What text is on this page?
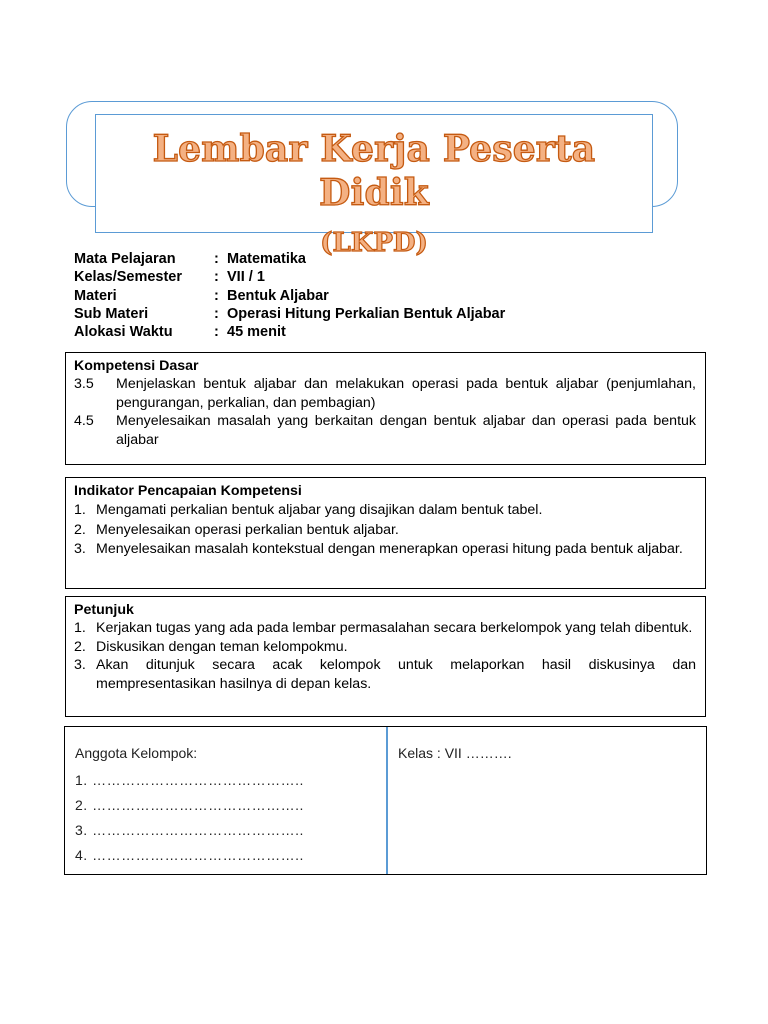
Lembar Kerja Peserta Didik
(LKPD)
Mata Pelajaran	: Matematika
Kelas/Semester	: VII / 1
Materi	: Bentuk Aljabar
Sub Materi	: Operasi Hitung Perkalian Bentuk Aljabar
Alokasi Waktu	: 45 menit
Kompetensi Dasar
3.5	Menjelaskan bentuk aljabar dan melakukan operasi pada bentuk aljabar (penjumlahan, pengurangan, perkalian, dan pembagian)
4.5	Menyelesaikan masalah yang berkaitan dengan bentuk aljabar dan operasi pada bentuk aljabar
Indikator Pencapaian Kompetensi
1. Mengamati perkalian bentuk aljabar yang disajikan dalam bentuk tabel.
2. Menyelesaikan operasi perkalian bentuk aljabar.
3. Menyelesaikan masalah kontekstual dengan menerapkan operasi hitung pada bentuk aljabar.
Petunjuk
1. Kerjakan tugas yang ada pada lembar permasalahan secara berkelompok yang telah dibentuk.
2. Diskusikan dengan teman kelompokmu.
3. Akan ditunjuk secara acak kelompok untuk melaporkan hasil diskusinya dan mempresentasikan hasilnya di depan kelas.
Anggota Kelompok:
1. ……………………………………..
2. ……………………………………..
3. ……………………………………..
4. ……………………………………..
Kelas : VII ……….
